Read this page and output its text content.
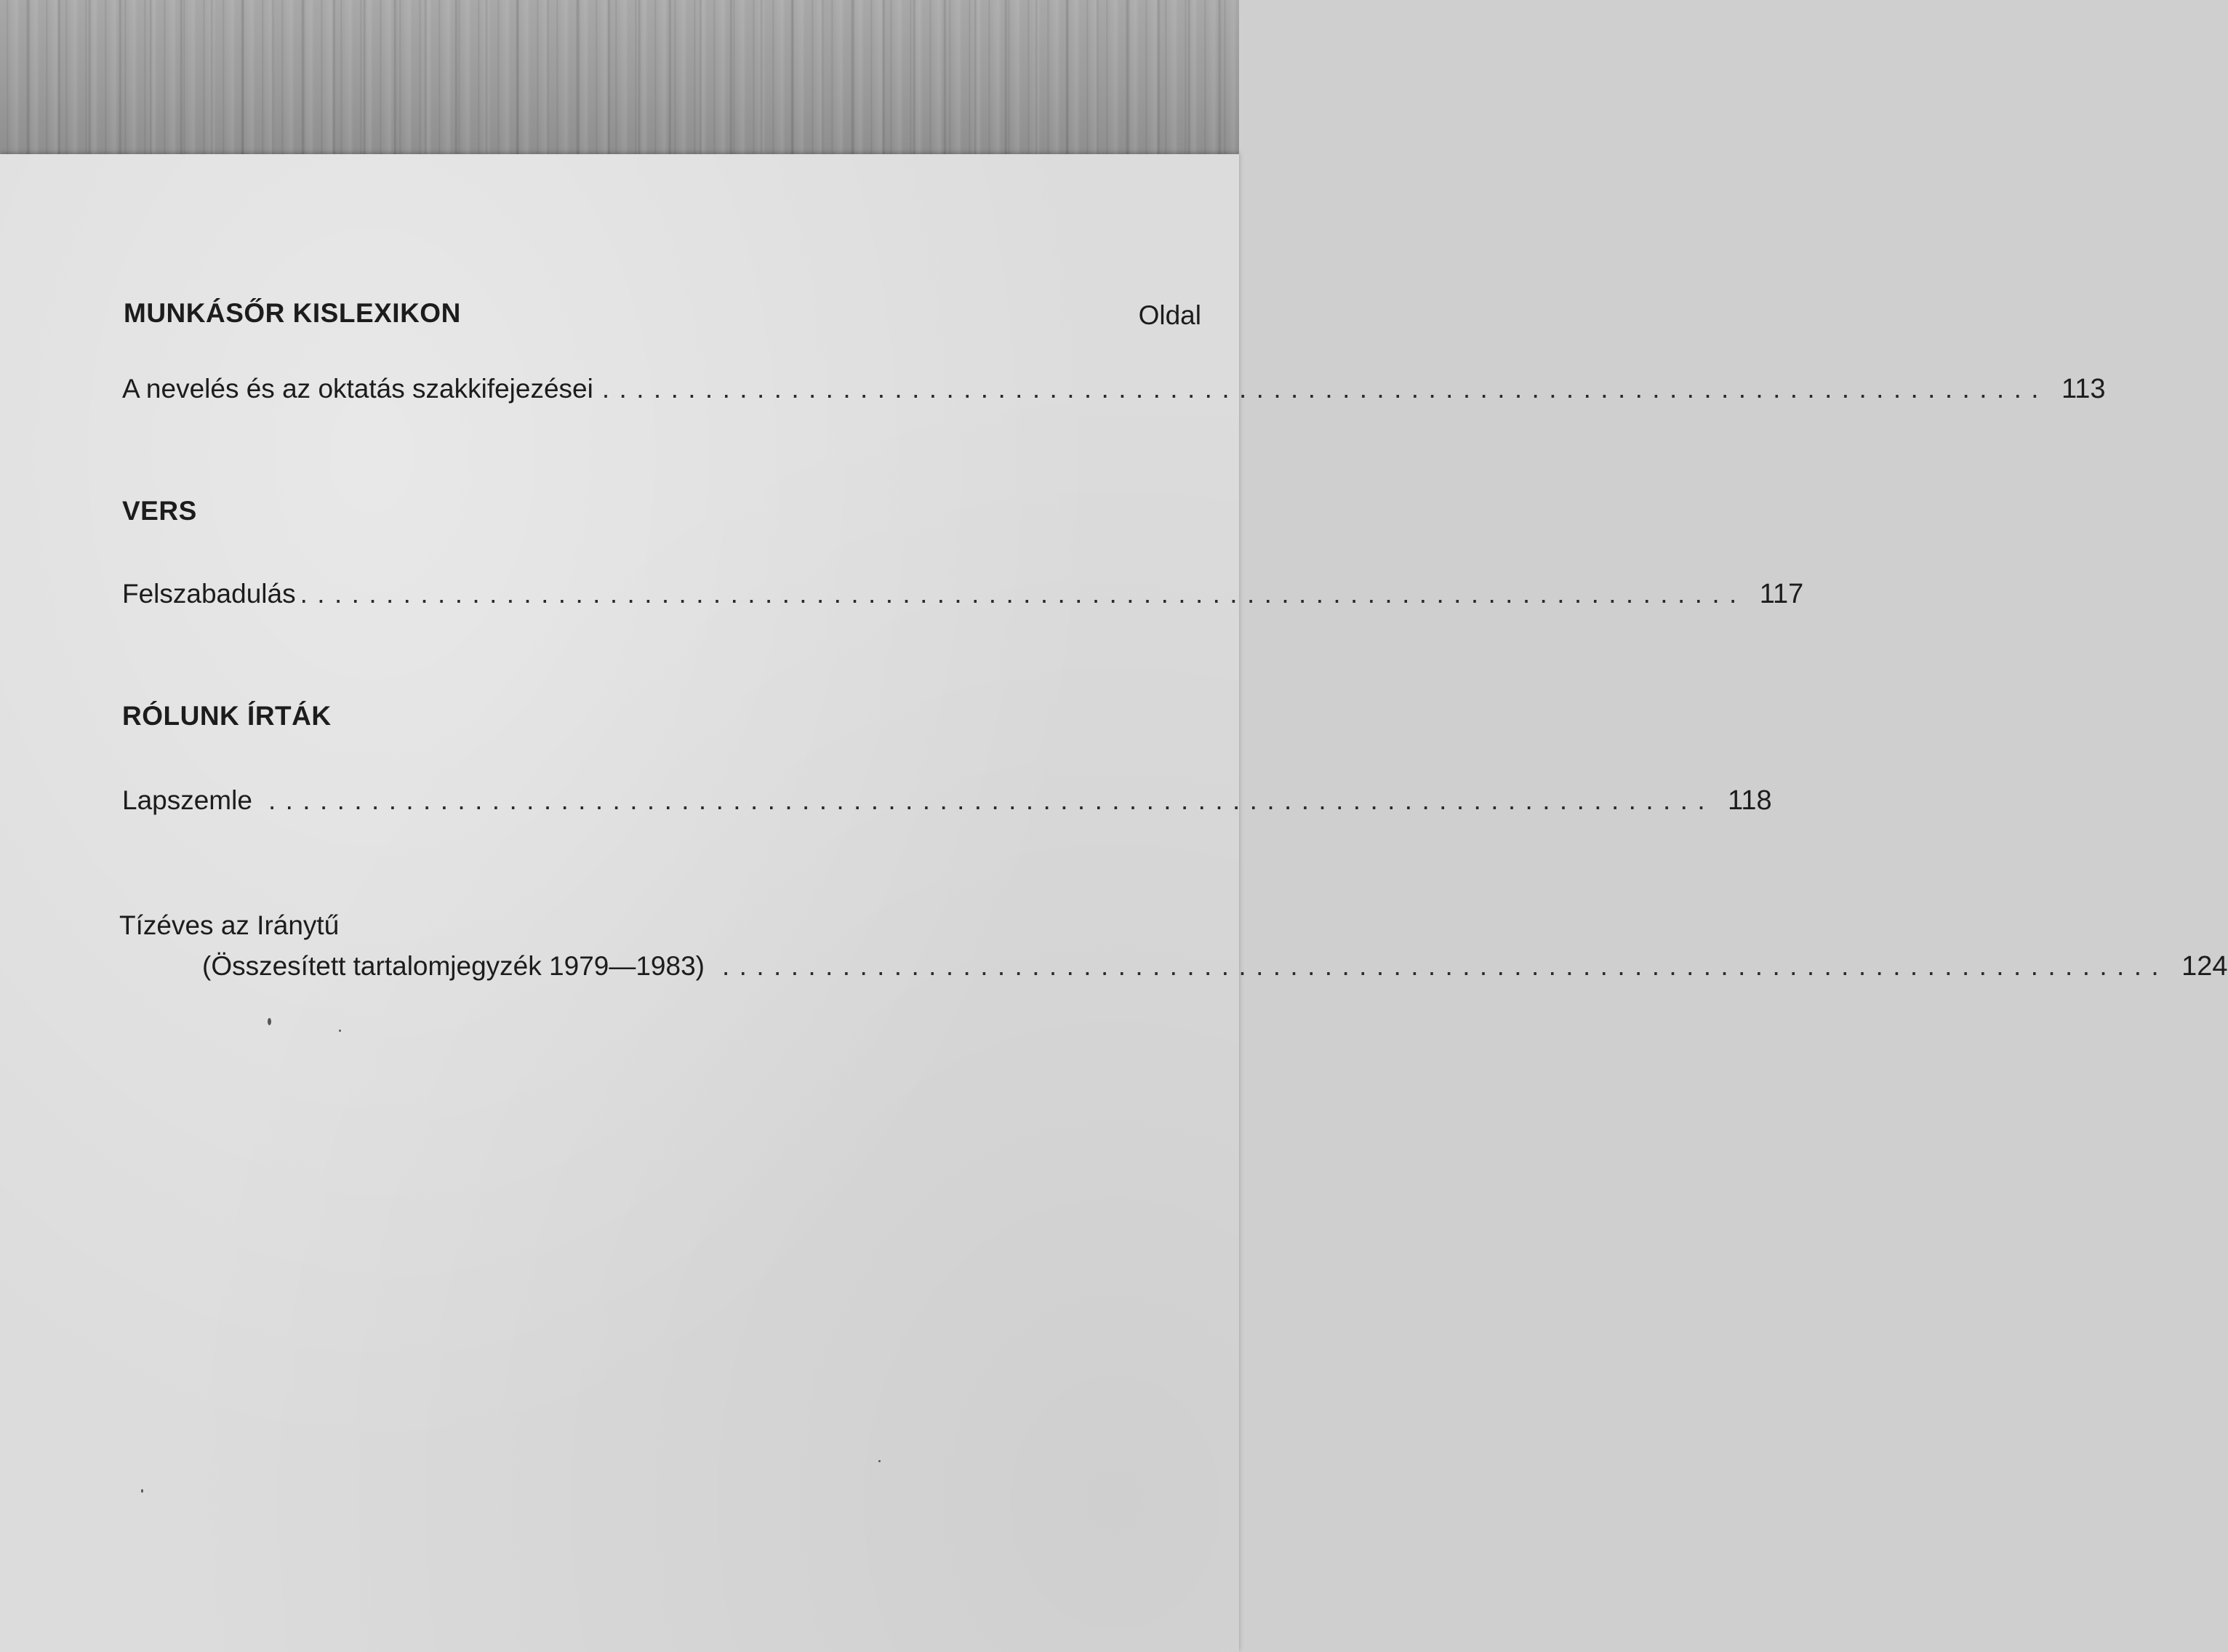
MUNKÁSŐR KISLEXIKON	Oldal
A nevelés és az oktatás szakkifejezései .................................................................................... 113
VERS
Felszabadulás .................................................................................... 117
RÓLUNK ÍRTÁK
Lapszemle .................................................................................... 118
Tízéves az Iránytű
(Összesített tartalomjegyzék 1979—1983) .................................................................................... 124
